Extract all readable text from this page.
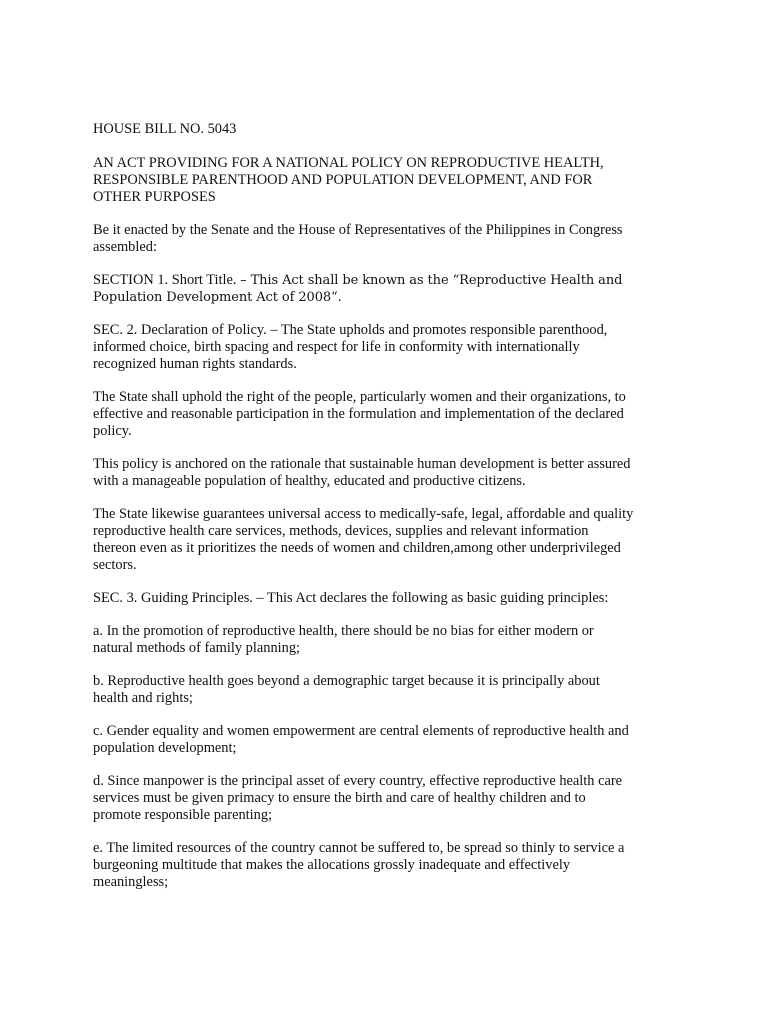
HOUSE BILL NO. 5043

AN ACT PROVIDING FOR A NATIONAL POLICY ON REPRODUCTIVE HEALTH,
RESPONSIBLE PARENTHOOD AND POPULATION DEVELOPMENT, AND FOR
OTHER PURPOSES

Be it enacted by the Senate and the House of Representatives of the Philippines in Congress
assembled:

SECTION 1. Short Title. – This Act shall be known as the “Reproductive Health and
Population Development Act of 2008“.

SEC. 2. Declaration of Policy. – The State upholds and promotes responsible parenthood,
informed choice, birth spacing and respect for life in conformity with internationally
recognized human rights standards.

The State shall uphold the right of the people, particularly women and their organizations, to
effective and reasonable participation in the formulation and implementation of the declared
policy.

This policy is anchored on the rationale that sustainable human development is better assured
with a manageable population of healthy, educated and productive citizens.

The State likewise guarantees universal access to medically-safe, legal, affordable and quality
reproductive health care services, methods, devices, supplies and relevant information
thereon even as it prioritizes the needs of women and children,among other underprivileged
sectors.

SEC. 3. Guiding Principles. – This Act declares the following as basic guiding principles:

a. In the promotion of reproductive health, there should be no bias for either modern or
natural methods of family planning;

b. Reproductive health goes beyond a demographic target because it is principally about
health and rights;

c. Gender equality and women empowerment are central elements of reproductive health and
population development;

d. Since manpower is the principal asset of every country, effective reproductive health care
services must be given primacy to ensure the birth and care of healthy children and to
promote responsible parenting;

e. The limited resources of the country cannot be suffered to, be spread so thinly to service a
burgeoning multitude that makes the allocations grossly inadequate and effectively
meaningless;
